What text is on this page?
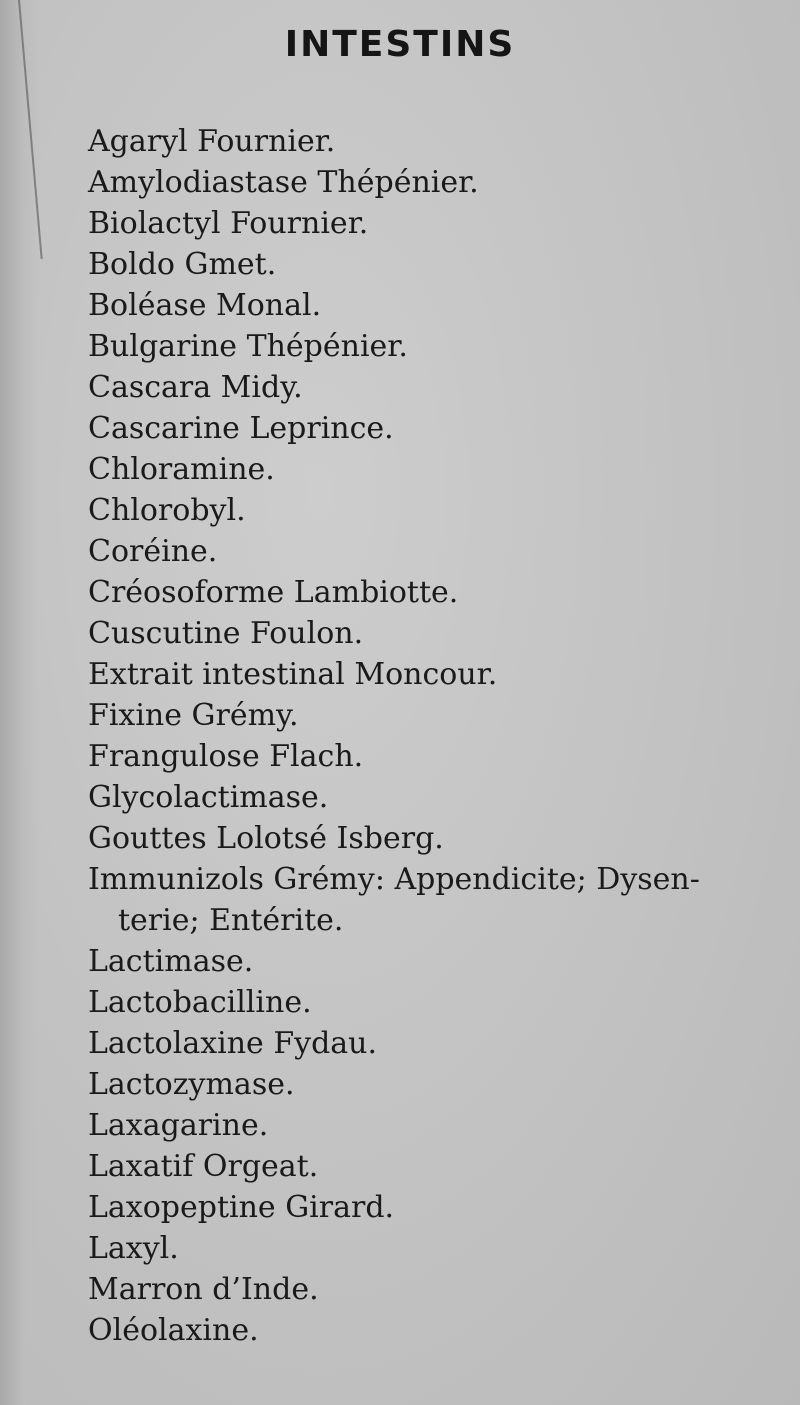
INTESTINS
Agaryl Fournier.
Amylodiastase Thépénier.
Biolactyl Fournier.
Boldo Gmet.
Boléase Monal.
Bulgarine Thépénier.
Cascara Midy.
Cascarine Leprince.
Chloramine.
Chlorobyl.
Coréine.
Créosoforme Lambiotte.
Cuscutine Foulon.
Extrait intestinal Moncour.
Fixine Grémy.
Frangulose Flach.
Glycolactimase.
Gouttes Lolotsé Isberg.
Immunizols Grémy: Appendicite; Dysen-
terie; Entérite.
Lactimase.
Lactobacilline.
Lactolaxine Fydau.
Lactozymase.
Laxagarine.
Laxatif Orgeat.
Laxopeptine Girard.
Laxyl.
Marron d’Inde.
Oléolaxine.
